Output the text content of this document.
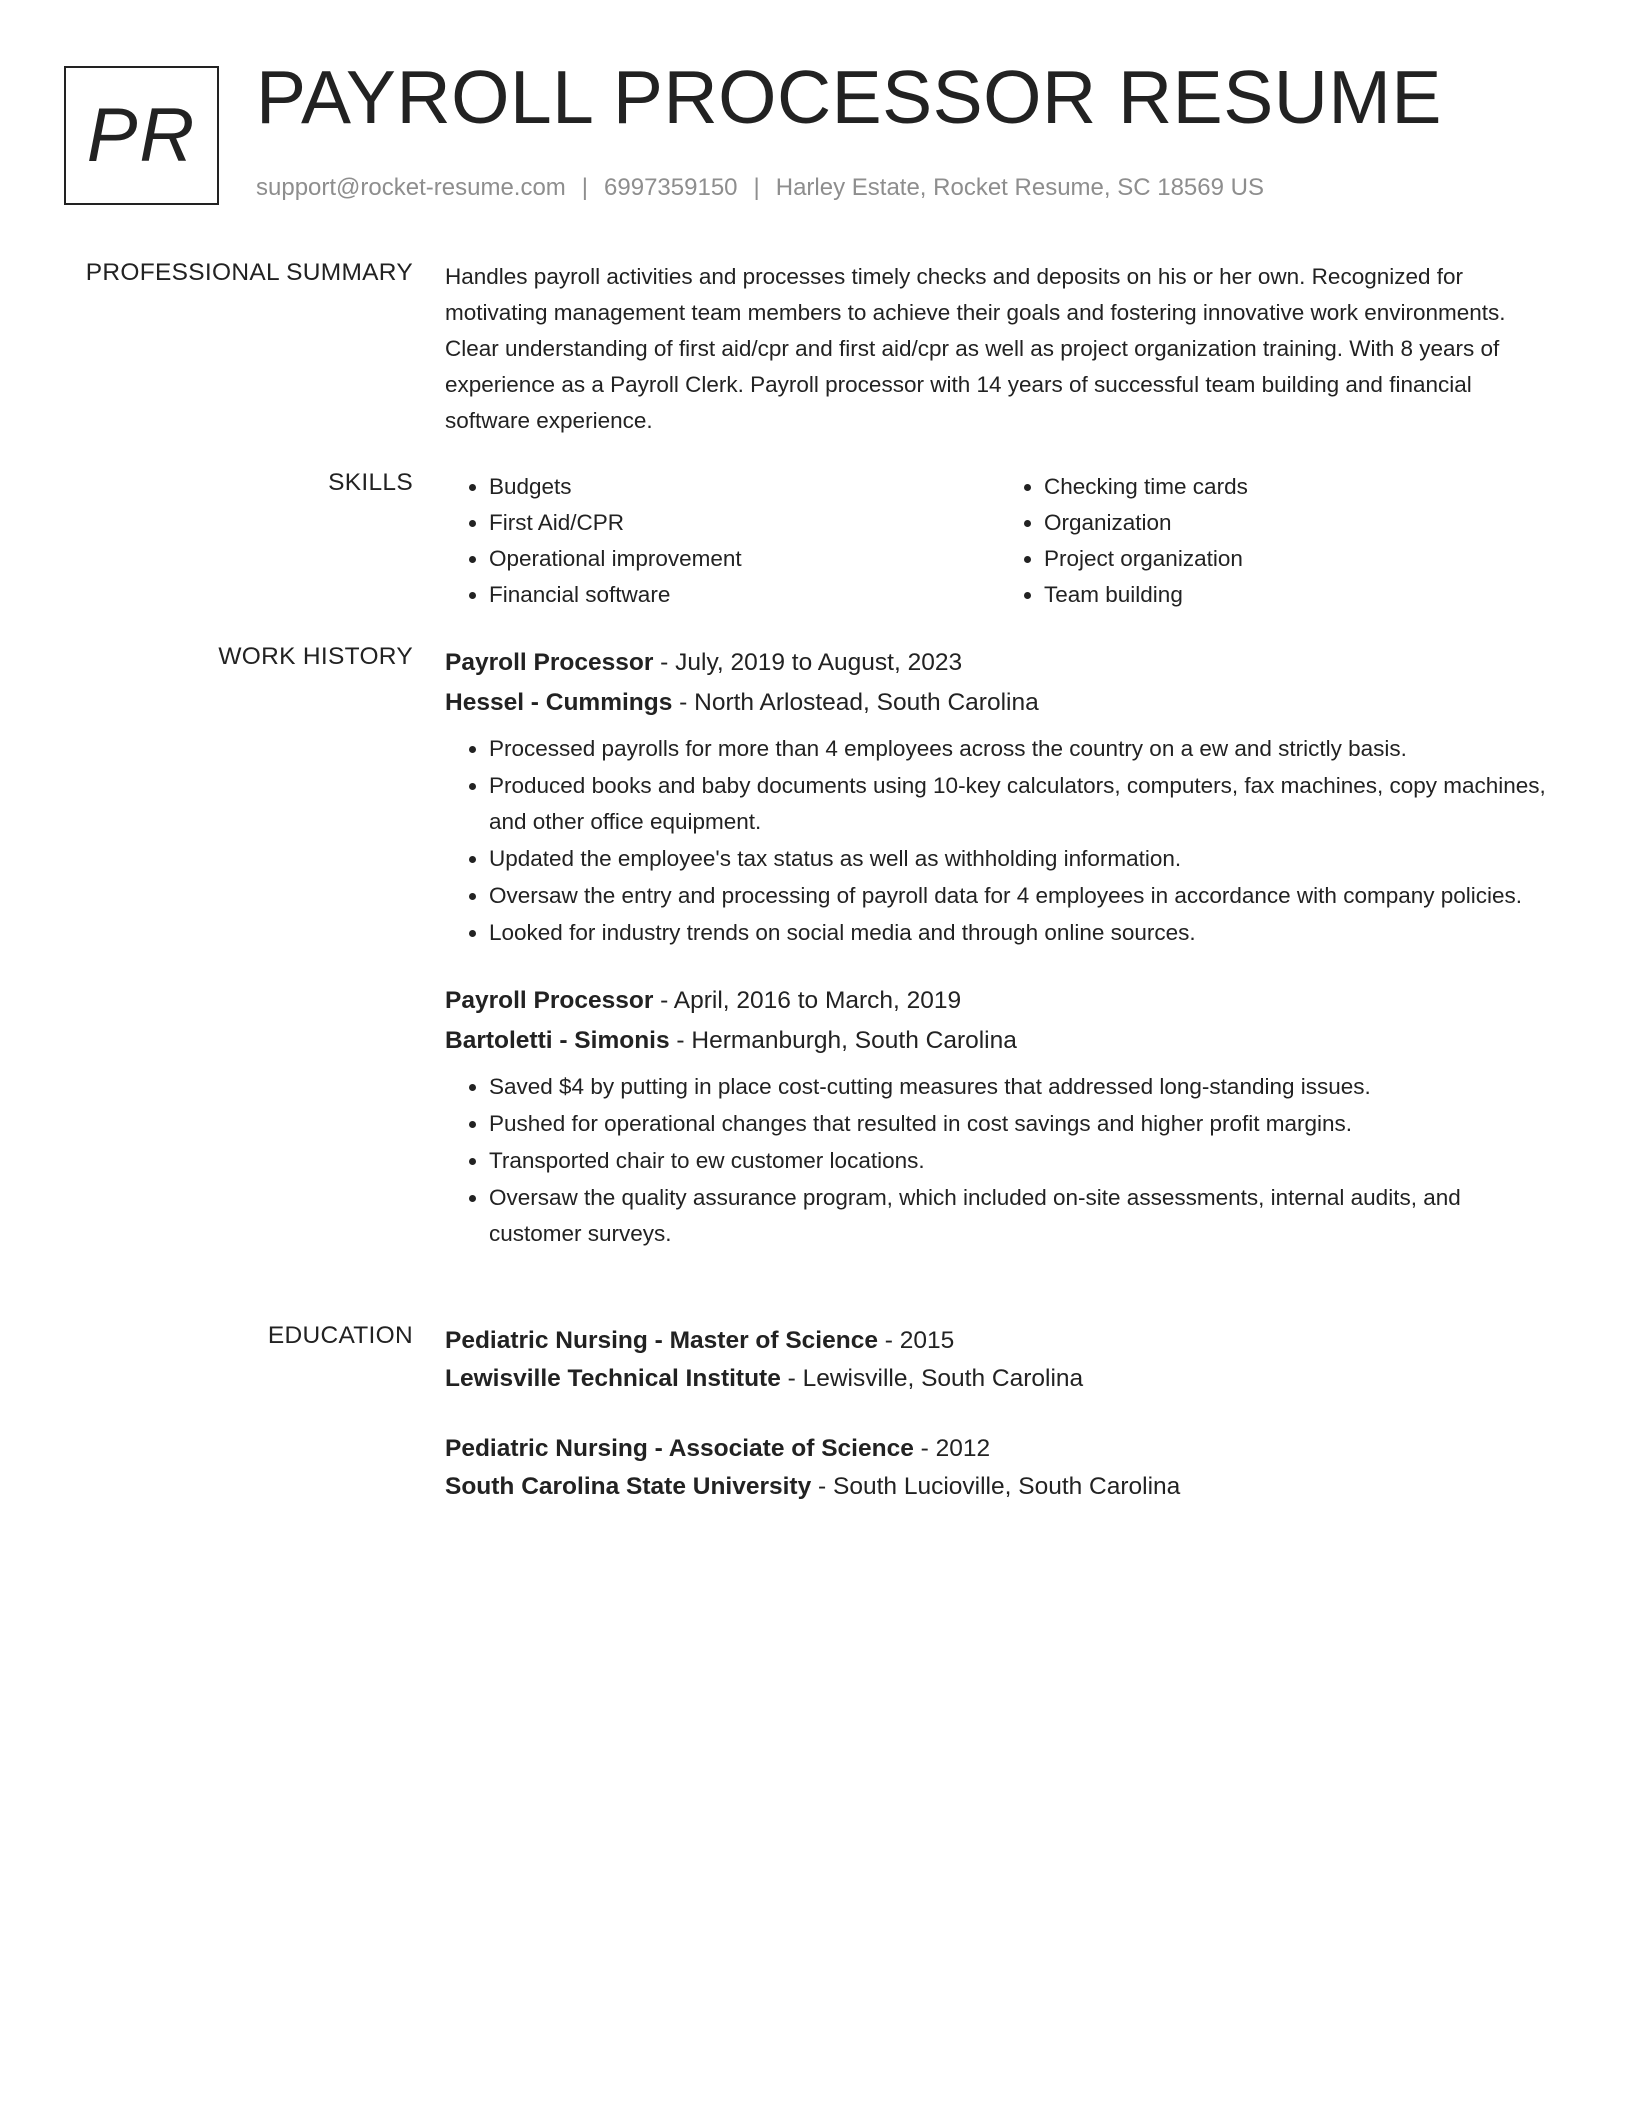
PR PAYROLL PROCESSOR RESUME
support@rocket-resume.com | 6997359150 | Harley Estate, Rocket Resume, SC 18569 US
PROFESSIONAL SUMMARY Handles payroll activities and processes timely checks and deposits on his or her own. Recognized for motivating management team members to achieve their goals and fostering innovative work environments. Clear understanding of first aid/cpr and first aid/cpr as well as project organization training. With 8 years of experience as a Payroll Clerk. Payroll processor with 14 years of successful team building and financial software experience.

SKILLS
•	Budgets
• First Aid/CPR
• Operational improvement
• Financial software
• Checking time cards
• Organization
• Project organization
• Team building
WORK HISTORY Payroll Processor - July, 2019 to August, 2023
Hessel - Cummings - North Arlostead, South Carolina
• Processed payrolls for more than 4 employees across the country on a ew and strictly basis.
• Produced books and baby documents using 10-key calculators, computers, fax machines, copy machines, and other office equipment.
• Updated the employee's tax status as well as withholding information.
• Oversaw the entry and processing of payroll data for 4 employees in accordance with company policies.
• Looked for industry trends on social media and through online sources.
Payroll Processor - April, 2016 to March, 2019
Bartoletti - Simonis - Hermanburgh, South Carolina
• Saved $4 by putting in place cost-cutting measures that addressed long-standing issues.
• Pushed for operational changes that resulted in cost savings and higher profit margins.
• Transported chair to ew customer locations.
• Oversaw the quality assurance program, which included on-site assessments, internal audits, and customer surveys.
EDUCATION Pediatric Nursing - Master of Science - 2015
Lewisville Technical Institute - Lewisville, South Carolina
Pediatric Nursing - Associate of Science - 2012
South Carolina State University - South Lucioville, South Carolina
